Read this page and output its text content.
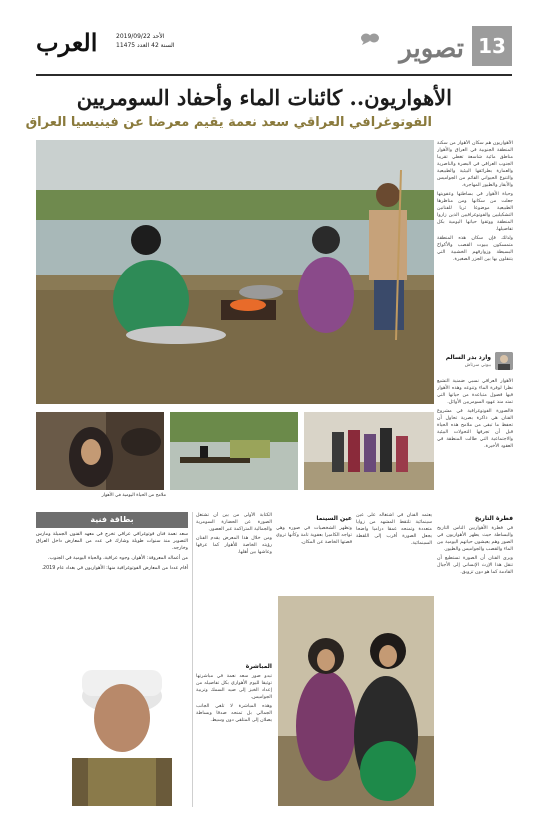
13
تصوير
العرب	الأحد 2019/09/22
السنة 42 العدد 11475
الأهواريون.. كائنات الماء وأحفاد السومريين
الفوتوغرافي العراقي سعد نعمة يقيم معرضا عن فينيسيا العراق

الأهواريون هم سكان الأهوار من سكنة المنطقة الجنوبية في العراق والأهوار مناطق مائية شاسعة تغطي تقريبا الجنوب العراقي في البصرة والناصرية والعمارة بطرائقها البيئية والطبيعية والتنوع الحيواني القائم من الجواميس والأبقار والطيور المهاجرة.

وحياة الأهوار في بساطتها وعفويتها جعلت من سكانها ومن مناظرها الطبيعية موضوعا ثريا للفنانين التشكيليين والفوتوغرافيين الذين زاروا المنطقة ووثقوا حياتها اليومية بكل تفاصيلها.

ولذلك فإن سكان هذه المنطقة متمسكون ببيوت القصب والأكواخ البسيطة وزوارقهم الخشبية التي يتنقلون بها بين الجزر الصغيرة.

وارد بدر السالم
بيوتي سرتاش

الأهوار العراقي نسبي ضمنية التشبع نظرا لوفرة الماء وتنوعه وهذه الأهوار فيها فصول متباعدة من حياتها التي تمتد منذ عهود السومريين الأوائل.

فالصورة الفوتوغرافية في مشروع الفنان هي ذاكرة بصرية تحاول أن تحفظ ما تبقى من ملامح هذه الحياة قبل أن تجرفها التحولات البيئية والاجتماعية التي طالت المنطقة في العقود الأخيرة.

فطرة التاريخ

في فطرة الأهواريين الناس التاريخ والبساطة حيث يظهر الأهواريون في الصور وهم يعيشون حياتهم اليومية بين الماء والقصب والجواميس والطيور.

ويرى الفنان أن الصورة تستطيع أن تنقل هذا الإرث الإنساني إلى الأجيال القادمة كما هو دون تزويق.

ملامح من الحياة اليومية في الأهوار

يعتمد الفنان في اشتغاله على عين سينمائية تلتقط المشهد من زوايا متعددة وتمنحه عمقا دراميا واضحا يجعل الصورة أقرب إلى اللقطة السينمائية.

عين السينما

وتظهر الشخصيات في صوره وهي تواجه الكاميرا بعفوية تامة وكأنها تروي قصتها الخاصة عن المكان.

الكتابة الأولى من بين أن تشتغل الصورة عن الحضارة السومرية والجمالية المتراكمة عبر العصور.

ومن خلال هذا المعرض يقدم الفنان رؤيته الخاصة للأهوار كما عرفها وعاشها بين أهلها.

المباشرة

تبدو صور سعد نعمة في مباشرتها توثيقا لليوم الأهواري بكل تفاصيله من إعداد الخبز إلى صيد السمك وتربية الجواميس.

وهذه المباشرة لا تلغي الجانب الجمالي بل تمنحه صدقا وبساطة يصلان إلى المتلقي دون وسيط.

بطاقة فنية

سعد نعمة فنان فوتوغرافي عراقي تخرج في معهد الفنون الجميلة ومارس التصوير منذ سنوات طويلة وشارك في عدد من المعارض داخل العراق وخارجه.

من أعماله المعروفة: الأهوار، وجوه عراقية، والحياة اليومية في الجنوب.

أقام عددا من المعارض الفوتوغرافية منها: الأهواريون في بغداد عام 2019.
